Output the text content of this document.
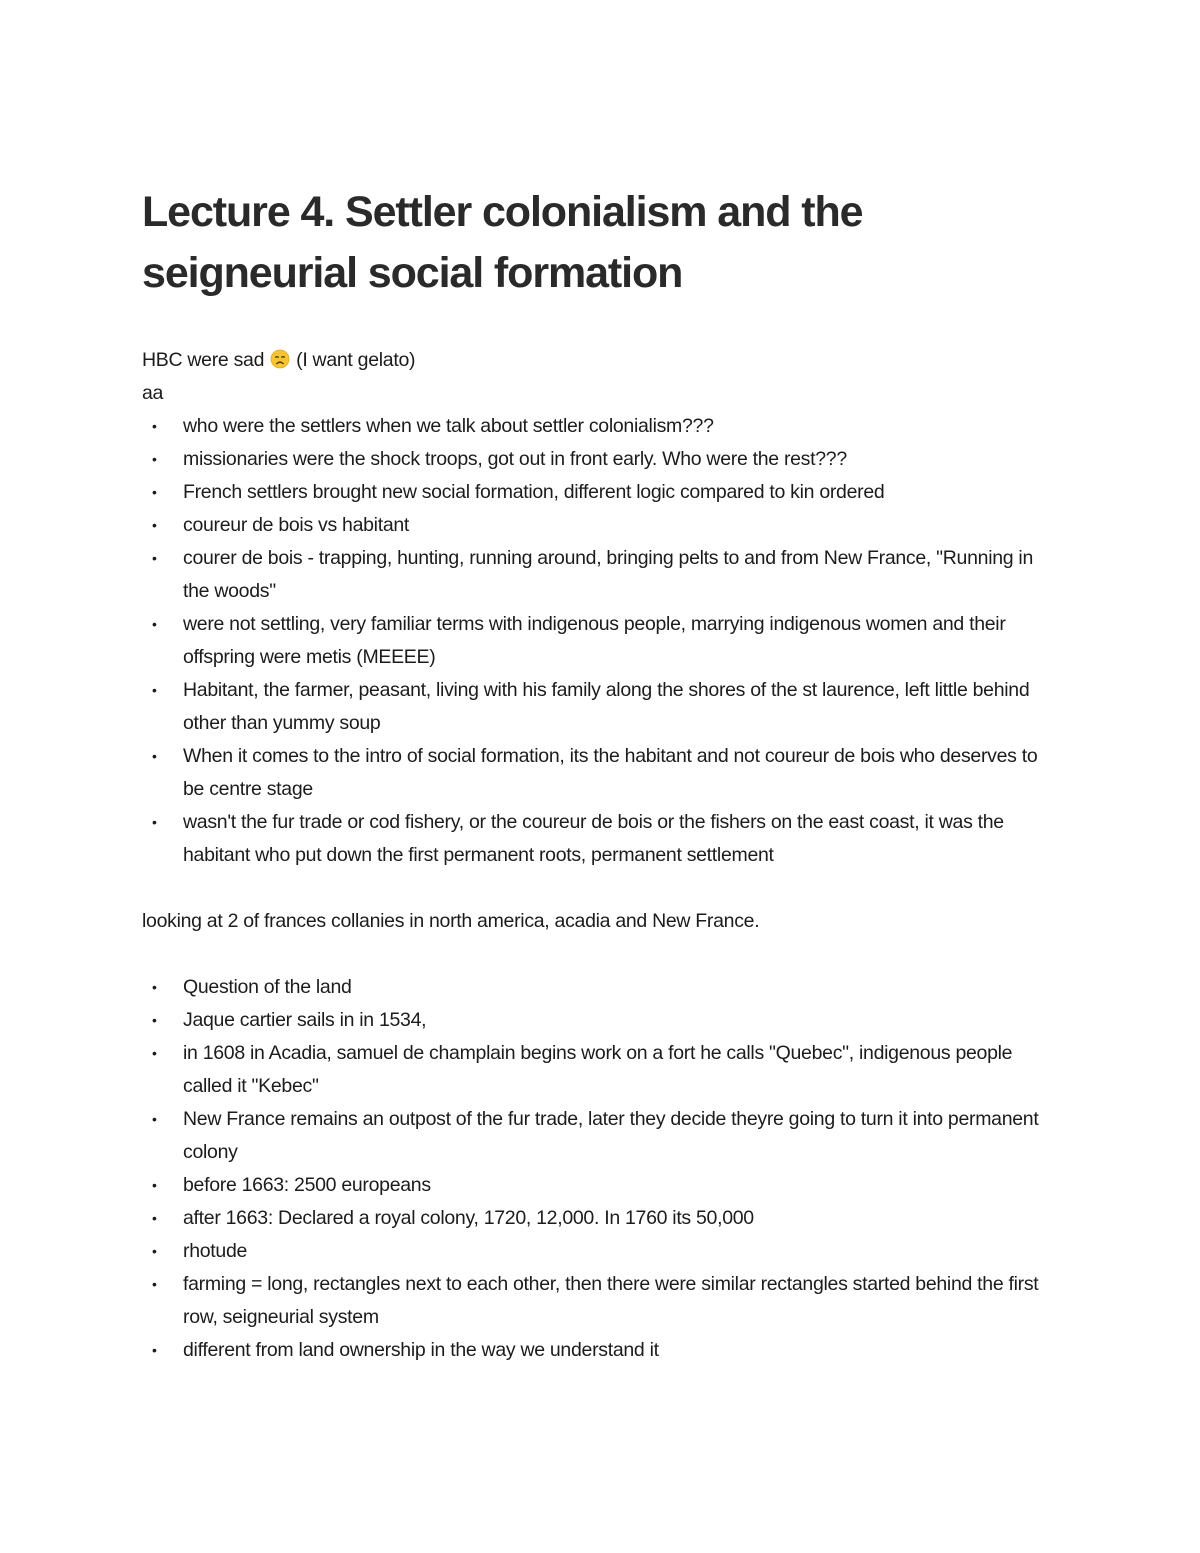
Lecture 4. Settler colonialism and the seigneurial social formation

HBC were sad (I want gelato)

aa

• who were the settlers when we talk about settler colonialism???
• missionaries were the shock troops, got out in front early. Who were the rest???
• French settlers brought new social formation, different logic compared to kin ordered
• coureur de bois vs habitant
• courer de bois - trapping, hunting, running around, bringing pelts to and from New France, "Running in the woods"
• were not settling, very familiar terms with indigenous people, marrying indigenous women and their offspring were metis (MEEEE)
• Habitant, the farmer, peasant, living with his family along the shores of the st laurence, left little behind other than yummy soup
• When it comes to the intro of social formation, its the habitant and not coureur de bois who deserves to be centre stage
• wasn't the fur trade or cod fishery, or the coureur de bois or the fishers on the east coast, it was the habitant who put down the first permanent roots, permanent settlement

looking at 2 of frances collanies in north america, acadia and New France.

• Question of the land
• Jaque cartier sails in in 1534,
• in 1608 in Acadia, samuel de champlain begins work on a fort he calls "Quebec", indigenous people called it "Kebec"
• New France remains an outpost of the fur trade, later they decide theyre going to turn it into permanent colony
• before 1663: 2500 europeans
• after 1663: Declared a royal colony, 1720, 12,000. In 1760 its 50,000
• rhotude
• farming = long, rectangles next to each other, then there were similar rectangles started behind the first row, seigneurial system
• different from land ownership in the way we understand it
